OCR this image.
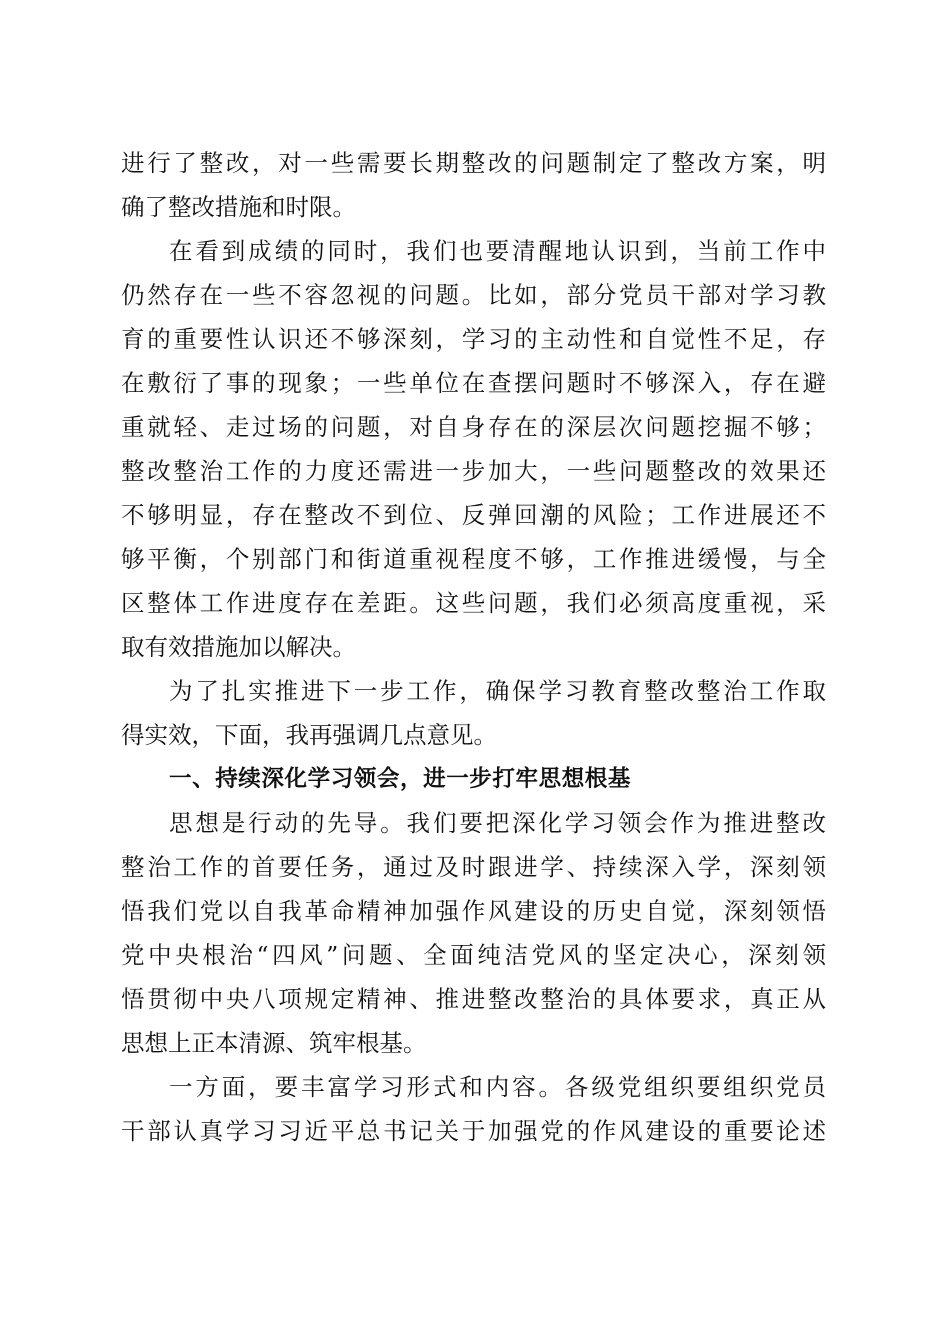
进行了整改，对一些需要长期整改的问题制定了整改方案，明
确了整改措施和时限。
在看到成绩的同时，我们也要清醒地认识到，当前工作中
仍然存在一些不容忽视的问题。比如，部分党员干部对学习教
育的重要性认识还不够深刻，学习的主动性和自觉性不足，存
在敷衍了事的现象；一些单位在查摆问题时不够深入，存在避
重就轻、走过场的问题，对自身存在的深层次问题挖掘不够；
整改整治工作的力度还需进一步加大，一些问题整改的效果还
不够明显，存在整改不到位、反弹回潮的风险；工作进展还不
够平衡，个别部门和街道重视程度不够，工作推进缓慢，与全
区整体工作进度存在差距。这些问题，我们必须高度重视，采
取有效措施加以解决。
为了扎实推进下一步工作，确保学习教育整改整治工作取
得实效，下面，我再强调几点意见。
一、持续深化学习领会，进一步打牢思想根基
思想是行动的先导。我们要把深化学习领会作为推进整改
整治工作的首要任务，通过及时跟进学、持续深入学，深刻领
悟我们党以自我革命精神加强作风建设的历史自觉，深刻领悟
党中央根治“四风”问题、全面纯洁党风的坚定决心，深刻领
悟贯彻中央八项规定精神、推进整改整治的具体要求，真正从
思想上正本清源、筑牢根基。
一方面，要丰富学习形式和内容。各级党组织要组织党员
干部认真学习习近平总书记关于加强党的作风建设的重要论述
